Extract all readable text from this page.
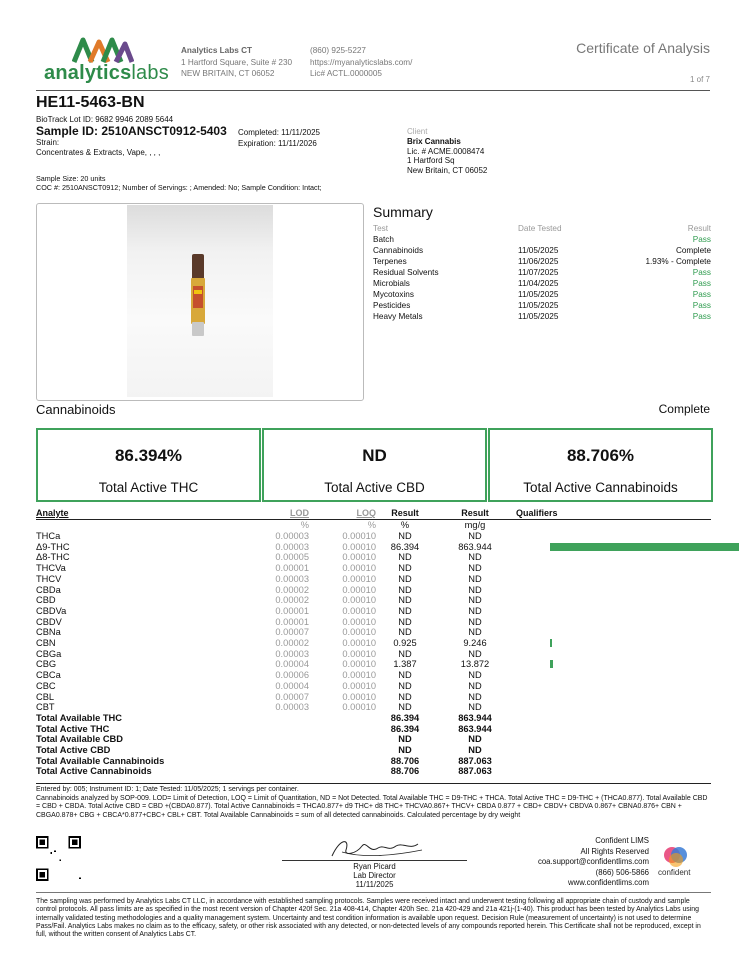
analyticslabs
Analytics Labs CT
1 Hartford Square, Suite # 230
NEW BRITAIN, CT 06052
(860) 925-5227
https://myanalyticslabs.com/
Lic# ACTL.0000005
Certificate of Analysis
1 of 7
HE11-5463-BN
BioTrack Lot ID: 9682 9946 2089 5644
Sample ID: 2510ANSCT0912-5403
Strain:
Concentrates & Extracts, Vape, , , ,
Completed: 11/11/2025
Expiration: 11/11/2026
Client
Brix Cannabis
Lic. # ACME.0008474
1 Hartford Sq
New Britain, CT 06052
Sample Size: 20 units
COC #: 2510ANSCT0912; Number of Servings: ; Amended: No; Sample Condition: Intact;
Summary
Test	Date Tested	Result
Batch	Pass
Cannabinoids	11/05/2025	Complete
Terpenes	11/06/2025	1.93% - Complete
Residual Solvents	11/07/2025	Pass
Microbials	11/04/2025	Pass
Mycotoxins	11/05/2025	Pass
Pesticides	11/05/2025	Pass
Heavy Metals	11/05/2025	Pass
Cannabinoids	Complete
86.394%
Total Active THC
ND
Total Active CBD
88.706%
Total Active Cannabinoids
Analyte	LOD	LOQ	Result	Result	Qualifiers
%	%	%	mg/g
THCa	0.00003	0.00010	ND	ND
Δ9-THC	0.00003	0.00010	86.394	863.944
Δ8-THC	0.00005	0.00010	ND	ND
THCVa	0.00001	0.00010	ND	ND
THCV	0.00003	0.00010	ND	ND
CBDa	0.00002	0.00010	ND	ND
CBD	0.00002	0.00010	ND	ND
CBDVa	0.00001	0.00010	ND	ND
CBDV	0.00001	0.00010	ND	ND
CBNa	0.00007	0.00010	ND	ND
CBN	0.00002	0.00010	0.925	9.246
CBGa	0.00003	0.00010	ND	ND
CBG	0.00004	0.00010	1.387	13.872
CBCa	0.00006	0.00010	ND	ND
CBC	0.00004	0.00010	ND	ND
CBL	0.00007	0.00010	ND	ND
CBT	0.00003	0.00010	ND	ND
Total Available THC	86.394	863.944
Total Active THC	86.394	863.944
Total Available CBD	ND	ND
Total Active CBD	ND	ND
Total Available Cannabinoids	88.706	887.063
Total Active Cannabinoids	88.706	887.063
Entered by: 005; Instrument ID: 1; Date Tested: 11/05/2025; 1 servings per container.
Cannabinoids analyzed by SOP-009. LOD= Limit of Detection, LOQ = Limit of Quantitation, ND = Not Detected. Total Available THC = D9-THC + THCA. Total Active THC = D9-THC + (THCA0.877). Total Available CBD = CBD + CBDA. Total Active CBD = CBD +(CBDA0.877). Total Active Cannabinoids = THCA0.877+ d9 THC+ d8 THC+ THCVA0.867+ THCV+ CBDA 0.877 + CBD+ CBDV+ CBDVA 0.867+ CBNA0.876+ CBN + CBGA0.878+ CBG + CBCA*0.877+CBC+ CBL+ CBT. Total Available Cannabinoids = sum of all detected cannabinoids. Calculated percentage by dry weight
Ryan Picard
Lab Director
11/11/2025
Confident LIMS
All Rights Reserved
coa.support@confidentlims.com
(866) 506-5866
www.confidentlims.com
confident
The sampling was performed by Analytics Labs CT LLC, in accordance with established sampling protocols. Samples were received intact and underwent testing following all appropriate chain of custody and sample control protocols. All pass limits are as specified in the most recent version of Chapter 420f Sec. 21a 408-414, Chapter 420h Sec. 21a 420-429 and 21a 421j-(1-40). This product has been tested by Analytics Labs using internally validated testing methodologies and a quality management system. Uncertainty and test condition information is available upon request. Decision Rule (measurement of uncertainty) is not used to determine Pass/Fail. Analytics Labs makes no claim as to the efficacy, safety, or other risk associated with any detected, or non-detected levels of any compounds reported herein. This Certificate shall not be reproduced, except in full, without the written consent of Analytics Labs CT.
